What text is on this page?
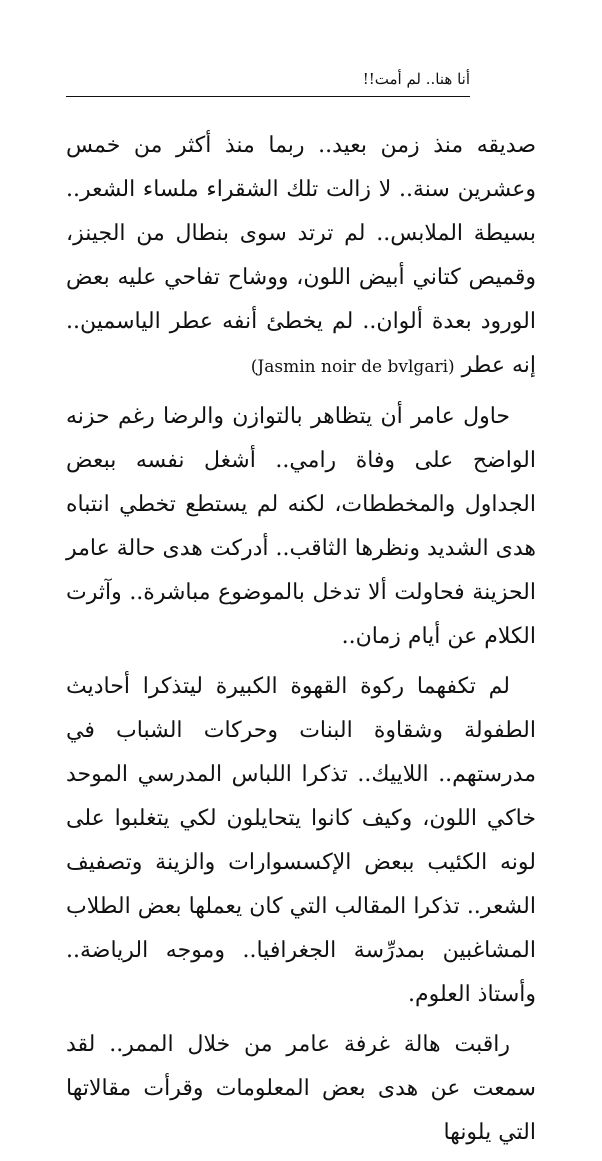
أنا هنا.. لم أمت!!

صديقه منذ زمن بعيد.. ربما منذ أكثر من خمس وعشرين سنة.. لا زالت تلك الشقراء ملساء الشعر.. بسيطة الملابس.. لم ترتد سوى بنطال من الجينز، وقميص كتاني أبيض اللون، ووشاح تفاحي عليه بعض الورود بعدة ألوان.. لم يخطئ أنفه عطر الياسمين.. إنه عطر (Jasmin noir de bvlgari)

حاول عامر أن يتظاهر بالتوازن والرضا رغم حزنه الواضح على وفاة رامي.. أشغل نفسه ببعض الجداول والمخططات، لكنه لم يستطع تخطي انتباه هدى الشديد ونظرها الثاقب.. أدركت هدى حالة عامر الحزينة فحاولت ألا تدخل بالموضوع مباشرة.. وآثرت الكلام عن أيام زمان..

لم تكفهما ركوة القهوة الكبيرة ليتذكرا أحاديث الطفولة وشقاوة البنات وحركات الشباب في مدرستهم.. اللاييك.. تذكرا اللباس المدرسي الموحد خاكي اللون، وكيف كانوا يتحايلون لكي يتغلبوا على لونه الكئيب ببعض الإكسسوارات والزينة وتصفيف الشعر.. تذكرا المقالب التي كان يعملها بعض الطلاب المشاغبين بمدرِّسة الجغرافيا.. وموجه الرياضة.. وأستاذ العلوم.

راقبت هالة غرفة عامر من خلال الممر.. لقد سمعت عن هدى بعض المعلومات وقرأت مقالاتها التي يلونها
